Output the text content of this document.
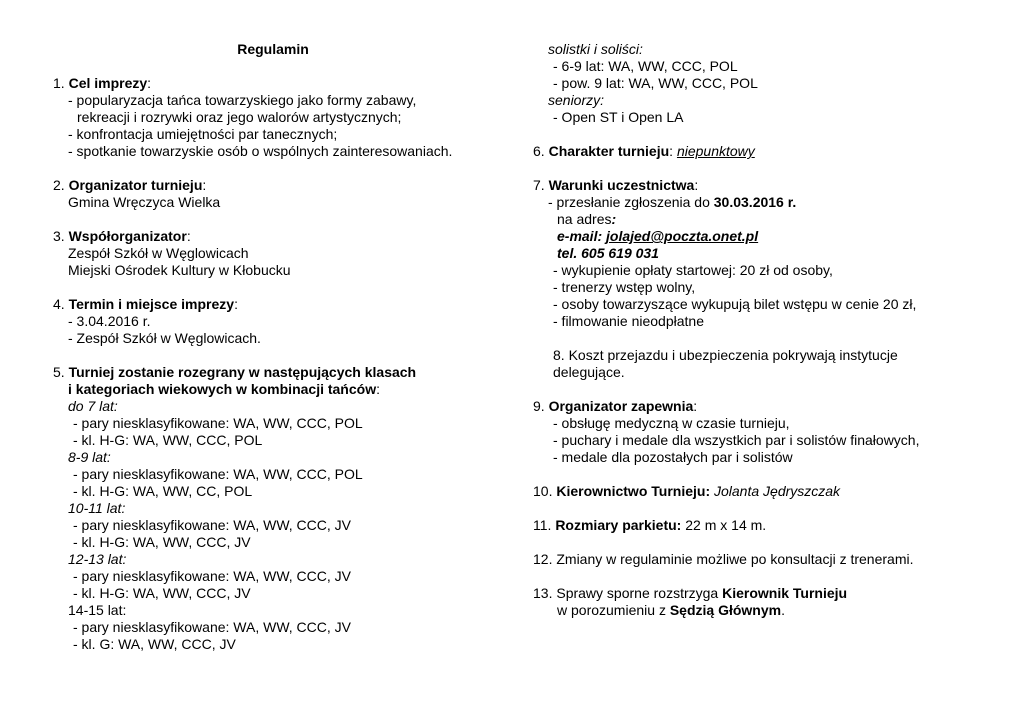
Regulamin
1. Cel imprezy:
- popularyzacja tańca towarzyskiego jako formy zabawy,
rekreacji i rozrywki oraz jego walorów artystycznych;
- konfrontacja umiejętności par tanecznych;
- spotkanie towarzyskie osób o wspólnych zainteresowaniach.
2. Organizator turnieju:
Gmina Wręczyca Wielka
3. Współorganizator:
Zespół Szkół w Węglowicach
Miejski Ośrodek Kultury w Kłobucku
4. Termin i miejsce imprezy:
- 3.04.2016 r.
- Zespół Szkół w Węglowicach.
5. Turniej zostanie rozegrany w następujących klasach
i kategoriach wiekowych w kombinacji tańców:
do 7 lat:
- pary niesklasyfikowane: WA, WW, CCC, POL
- kl. H-G: WA, WW, CCC, POL
8-9 lat:
- pary niesklasyfikowane: WA, WW, CCC, POL
- kl. H-G: WA, WW, CC, POL
10-11 lat:
- pary niesklasyfikowane: WA, WW, CCC, JV
- kl. H-G: WA, WW, CCC, JV
12-13 lat:
- pary niesklasyfikowane: WA, WW, CCC, JV
- kl. H-G: WA, WW, CCC, JV
14-15 lat:
- pary niesklasyfikowane: WA, WW, CCC, JV
- kl. G: WA, WW, CCC, JV
solistki i soliści:
- 6-9 lat: WA, WW, CCC, POL
- pow. 9 lat: WA, WW, CCC, POL
seniorzy:
- Open ST i Open LA
6. Charakter turnieju: niepunktowy
7. Warunki uczestnictwa:
- przesłanie zgłoszenia do 30.03.2016 r.
na adres:
e-mail: jolajed@poczta.onet.pl
tel. 605 619 031
- wykupienie opłaty startowej: 20 zł od osoby,
- trenerzy wstęp wolny,
- osoby towarzyszące wykupują bilet wstępu w cenie 20 zł,
- filmowanie nieodpłatne
8. Koszt przejazdu i ubezpieczenia pokrywają instytucje
delegujące.
9. Organizator zapewnia:
- obsługę medyczną w czasie turnieju,
- puchary i medale dla wszystkich par i solistów finałowych,
- medale dla pozostałych par i solistów
10. Kierownictwo Turnieju: Jolanta Jędryszczak
11. Rozmiary parkietu: 22 m x 14 m.
12. Zmiany w regulaminie możliwe po konsultacji z trenerami.
13. Sprawy sporne rozstrzyga Kierownik Turnieju
w porozumieniu z Sędzią Głównym.
